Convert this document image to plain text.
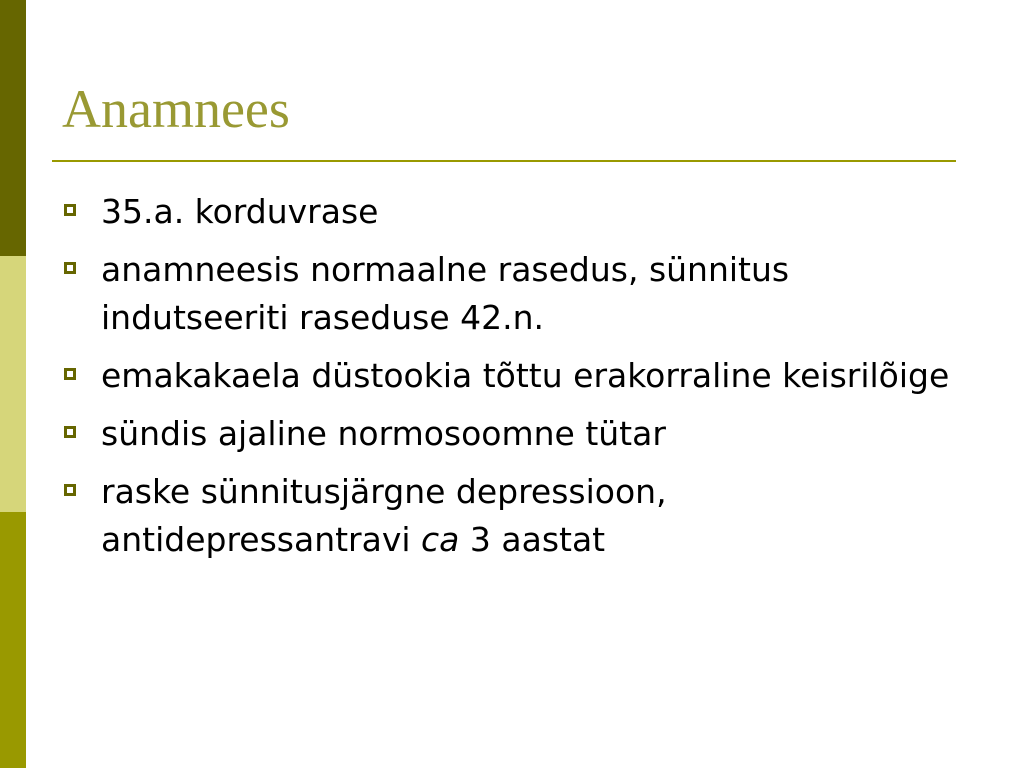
Anamnees
35.a. korduvrase
anamneesis normaalne rasedus, sünnitus indutseeriti raseduse 42.n.
emakakaela düstookia tõttu erakorraline keisrilõige
sündis ajaline normosoomne tütar
raske sünnitusjärgne depressioon, antidepressantravi ca 3 aastat
